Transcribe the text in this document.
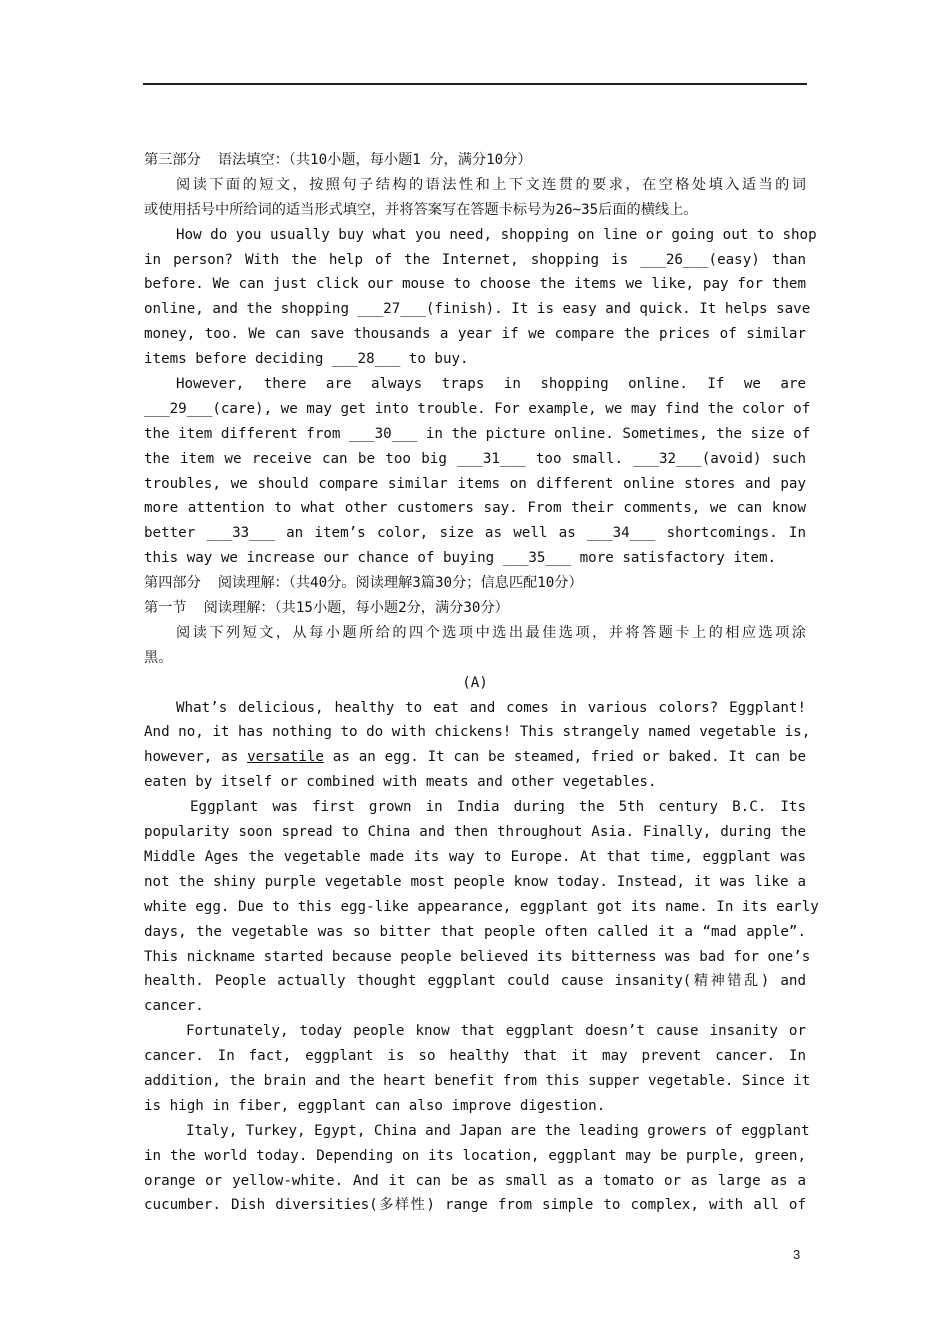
第三部分  语法填空：（共10小题，每小题1 分，满分10分）
阅读下面的短文，按照句子结构的语法性和上下文连贯的要求，在空格处填入适当的词
或使用括号中所给词的适当形式填空，并将答案写在答题卡标号为26~35后面的横线上。
How do you usually buy what you need, shopping on line or going out to shop
in person? With the help of the Internet, shopping is ___26___(easy) than
before. We can just click our mouse to choose the items we like, pay for them
online, and the shopping ___27___(finish). It is easy and quick. It helps save
money, too. We can save thousands a year if we compare the prices of similar
items before deciding ___28___ to buy.
However, there are always traps in shopping online. If we are
___29___(care), we may get into trouble. For example, we may find the color of
the item different from ___30___ in the picture online. Sometimes, the size of
the item we receive can be too big ___31___ too small. ___32___(avoid) such
troubles, we should compare similar items on different online stores and pay
more attention to what other customers say. From their comments, we can know
better ___33___ an item’s color, size as well as ___34___ shortcomings. In
this way we increase our chance of buying ___35___ more satisfactory item.
第四部分  阅读理解：（共40分。阅读理解3篇30分；信息匹配10分）
第一节  阅读理解：（共15小题，每小题2分，满分30分）
阅读下列短文，从每小题所给的四个选项中选出最佳选项，并将答题卡上的相应选项涂
黑。
(A)
What’s delicious, healthy to eat and comes in various colors? Eggplant!
And no, it has nothing to do with chickens! This strangely named vegetable is,
however, as versatile as an egg. It can be steamed, fried or baked. It can be
eaten by itself or combined with meats and other vegetables.
Eggplant was first grown in India during the 5th century B.C. Its
popularity soon spread to China and then throughout Asia. Finally, during the
Middle Ages the vegetable made its way to Europe. At that time, eggplant was
not the shiny purple vegetable most people know today. Instead, it was like a
white egg. Due to this egg-like appearance, eggplant got its name. In its early
days, the vegetable was so bitter that people often called it a “mad apple”.
This nickname started because people believed its bitterness was bad for one’s
health. People actually thought eggplant could cause insanity(精神错乱) and
cancer.
Fortunately, today people know that eggplant doesn’t cause insanity or
cancer. In fact, eggplant is so healthy that it may prevent cancer. In
addition, the brain and the heart benefit from this supper vegetable. Since it
is high in fiber, eggplant can also improve digestion.
Italy, Turkey, Egypt, China and Japan are the leading growers of eggplant
in the world today. Depending on its location, eggplant may be purple, green,
orange or yellow-white. And it can be as small as a tomato or as large as a
cucumber. Dish diversities(多样性) range from simple to complex, with all of
3
